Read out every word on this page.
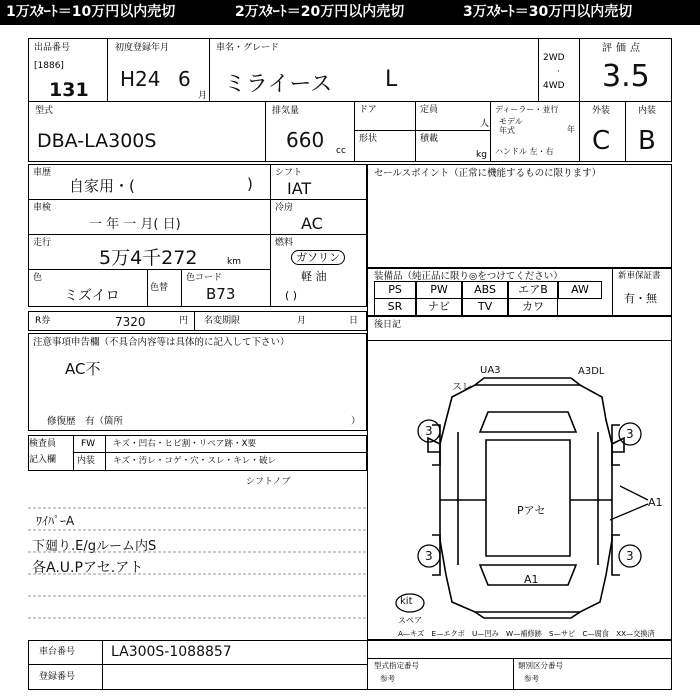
1万ｽﾀｰﾄ＝10万円以内売切	2万ｽﾀｰﾄ＝20万円以内売切	3万ｽﾀｰﾄ＝30万円以内売切
出品番号
[1886]
131
初度登録年月
H24 6
月
車名・グレード
ミライース L
2WD
·
4WD
評価点
3.5
型式
DBA-LA300S
排気量
660 cc
ドア	定員
人
形状	積載
kg
ディーラー・並行
モデル
年式	年
ハンドル 左・右
外装
C
内装
B
車歴
自家用・(	)
車検
一 年 一 月( 日)
走行
5万4千272	km
色
ミズイロ	色替
色コード
B73
シフト
IAT
冷房
AC
燃料
ガソリン
軽 油
( )
R券	7320	円 名変期限	月	日
注意事項申告欄（不具合内容等は具体的に記入して下さい）
AC不
修復歴　有（箇所	）
検査員
記入欄
FW キズ・凹右・ヒビ割・リペア跡・X要
内装 キズ・汚レ・コゲ・穴・スレ・キレ・破レ
シフトノブ
ﾜｲﾊﾟｰA
下廻り.E/gルーム内S
各A.U.Pアセ.アト
車台番号	LA300S-1088857
登録番号
型式指定番号
参考
類別区分番号
参考
セールスポイント（正常に機能するものに限ります）
装備品（純正品に限り◎をつけてください）	新車保証書
有・無
PS	PW	ABS	エアB	AW
SR	ナビ	TV	カワ
後日記
UA3
スレ
A3DL
3	3
3	3
Pアセ
A1
A1
kit
スペア
A—キズ　E—エクボ　U—凹み　W—補修跡　S—サビ　C—腐食　XX—交換済
